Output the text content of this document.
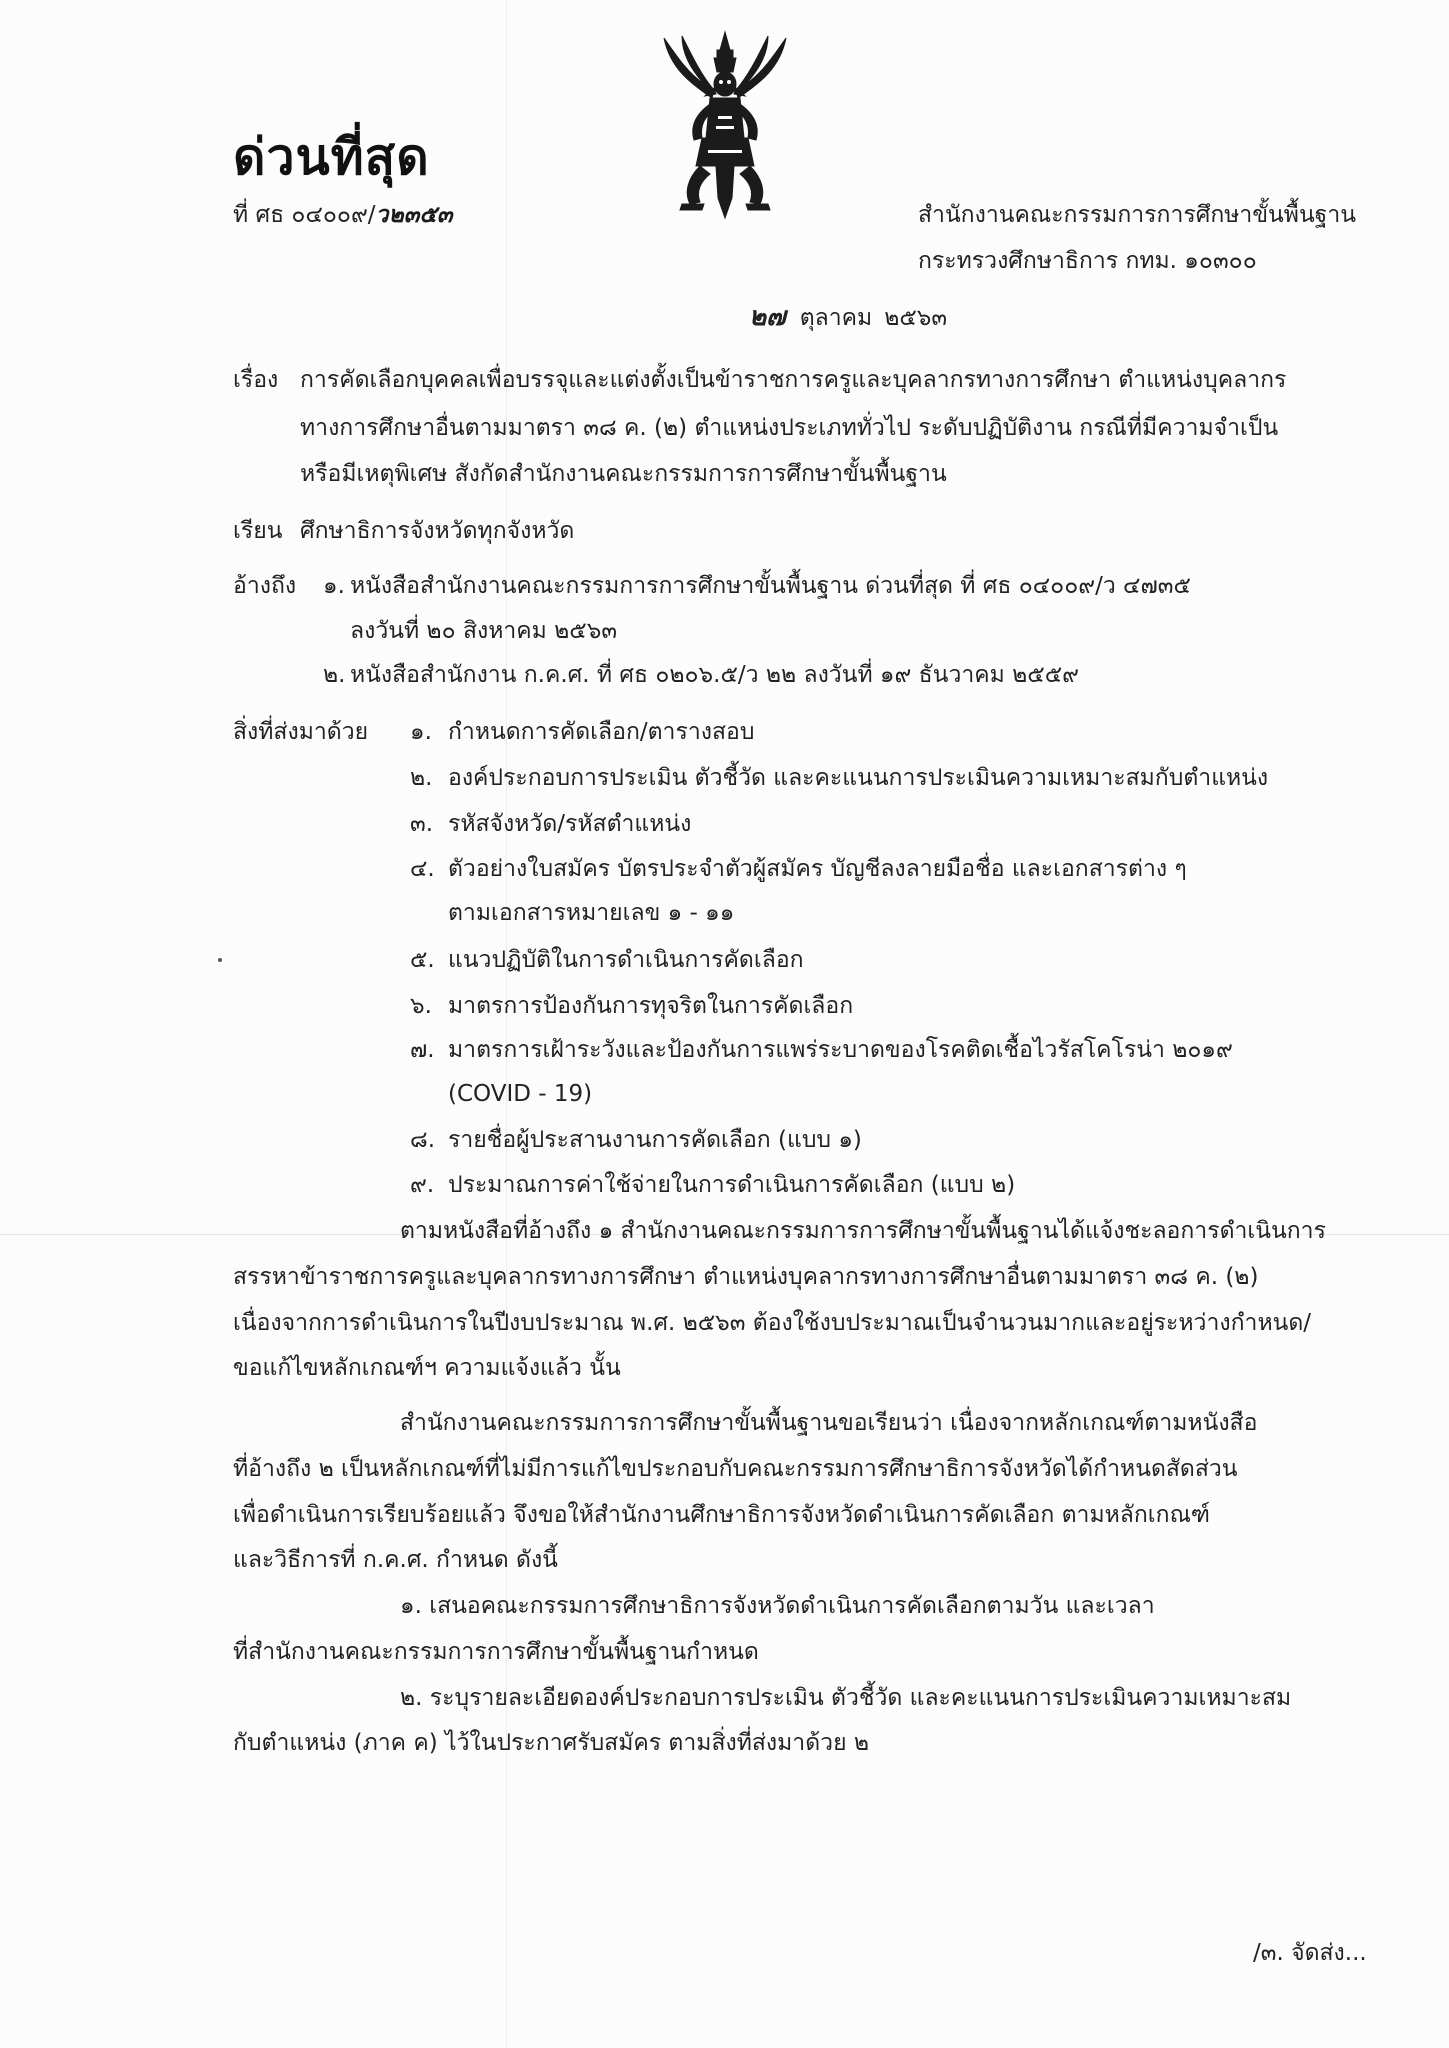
ด่วนที่สุด
ที่ ศธ ๐๔๐๐๙/ว๒๓๕๓	สำนักงานคณะกรรมการการศึกษาขั้นพื้นฐาน
กระทรวงศึกษาธิการ กทม. ๑๐๓๐๐
๒๗ ตุลาคม ๒๕๖๓
เรื่อง การคัดเลือกบุคคลเพื่อบรรจุและแต่งตั้งเป็นข้าราชการครูและบุคลากรทางการศึกษา ตำแหน่งบุคลากร
ทางการศึกษาอื่นตามมาตรา ๓๘ ค. (๒) ตำแหน่งประเภททั่วไป ระดับปฏิบัติงาน กรณีที่มีความจำเป็น
หรือมีเหตุพิเศษ สังกัดสำนักงานคณะกรรมการการศึกษาขั้นพื้นฐาน
เรียน ศึกษาธิการจังหวัดทุกจังหวัด
อ้างถึง ๑. หนังสือสำนักงานคณะกรรมการการศึกษาขั้นพื้นฐาน ด่วนที่สุด ที่ ศธ ๐๔๐๐๙/ว ๔๗๓๕
ลงวันที่ ๒๐ สิงหาคม ๒๕๖๓
๒. หนังสือสำนักงาน ก.ค.ศ. ที่ ศธ ๐๒๐๖.๕/ว ๒๒ ลงวันที่ ๑๙ ธันวาคม ๒๕๕๙
สิ่งที่ส่งมาด้วย ๑. กำหนดการคัดเลือก/ตารางสอบ
๒. องค์ประกอบการประเมิน ตัวชี้วัด และคะแนนการประเมินความเหมาะสมกับตำแหน่ง
๓. รหัสจังหวัด/รหัสตำแหน่ง
๔. ตัวอย่างใบสมัคร บัตรประจำตัวผู้สมัคร บัญชีลงลายมือชื่อ และเอกสารต่าง ๆ
ตามเอกสารหมายเลข ๑ - ๑๑
๕. แนวปฏิบัติในการดำเนินการคัดเลือก
๖. มาตรการป้องกันการทุจริตในการคัดเลือก
๗. มาตรการเฝ้าระวังและป้องกันการแพร่ระบาดของโรคติดเชื้อไวรัสโคโรน่า ๒๐๑๙
(COVID - 19)
๘. รายชื่อผู้ประสานงานการคัดเลือก (แบบ ๑)
๙. ประมาณการค่าใช้จ่ายในการดำเนินการคัดเลือก (แบบ ๒)
ตามหนังสือที่อ้างถึง ๑ สำนักงานคณะกรรมการการศึกษาขั้นพื้นฐานได้แจ้งชะลอการดำเนินการ
สรรหาข้าราชการครูและบุคลากรทางการศึกษา ตำแหน่งบุคลากรทางการศึกษาอื่นตามมาตรา ๓๘ ค. (๒)
เนื่องจากการดำเนินการในปีงบประมาณ พ.ศ. ๒๕๖๓ ต้องใช้งบประมาณเป็นจำนวนมากและอยู่ระหว่างกำหนด/
ขอแก้ไขหลักเกณฑ์ฯ ความแจ้งแล้ว นั้น
สำนักงานคณะกรรมการการศึกษาขั้นพื้นฐานขอเรียนว่า เนื่องจากหลักเกณฑ์ตามหนังสือ
ที่อ้างถึง ๒ เป็นหลักเกณฑ์ที่ไม่มีการแก้ไขประกอบกับคณะกรรมการศึกษาธิการจังหวัดได้กำหนดสัดส่วน
เพื่อดำเนินการเรียบร้อยแล้ว จึงขอให้สำนักงานศึกษาธิการจังหวัดดำเนินการคัดเลือก ตามหลักเกณฑ์
และวิธีการที่ ก.ค.ศ. กำหนด ดังนี้
๑. เสนอคณะกรรมการศึกษาธิการจังหวัดดำเนินการคัดเลือกตามวัน และเวลา
ที่สำนักงานคณะกรรมการการศึกษาขั้นพื้นฐานกำหนด
๒. ระบุรายละเอียดองค์ประกอบการประเมิน ตัวชี้วัด และคะแนนการประเมินความเหมาะสม
กับตำแหน่ง (ภาค ค) ไว้ในประกาศรับสมัคร ตามสิ่งที่ส่งมาด้วย ๒
/๓. จัดส่ง...
